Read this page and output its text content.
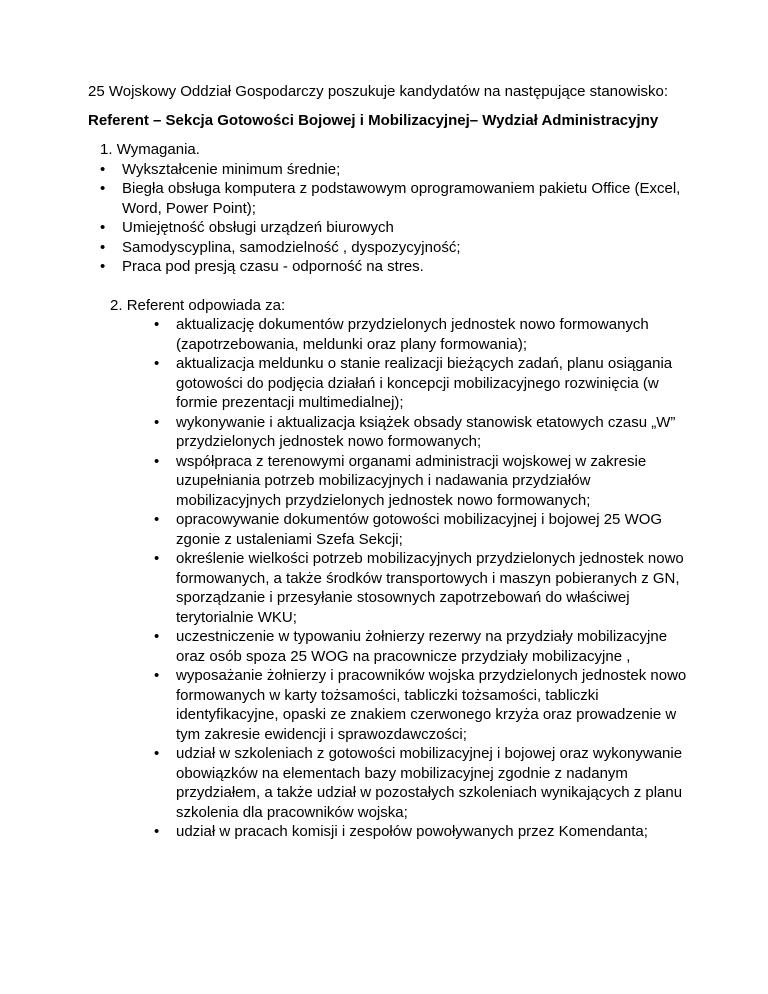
25 Wojskowy Oddział Gospodarczy poszukuje kandydatów na następujące stanowisko:

Referent – Sekcja Gotowości Bojowej i Mobilizacyjnej– Wydział Administracyjny

1. Wymagania.
• Wykształcenie minimum średnie;
• Biegła obsługa komputera z podstawowym oprogramowaniem pakietu Office (Excel, Word, Power Point);
• Umiejętność obsługi urządzeń biurowych
• Samodyscyplina, samodzielność , dyspozycyjność;
• Praca pod presją czasu - odporność na stres.
2. Referent odpowiada za:
• aktualizację dokumentów przydzielonych jednostek nowo formowanych (zapotrzebowania, meldunki oraz plany formowania);
• aktualizacja meldunku o stanie realizacji bieżących zadań, planu osiągania gotowości do podjęcia działań i koncepcji mobilizacyjnego rozwinięcia (w formie prezentacji multimedialnej);
• wykonywanie i aktualizacja książek obsady stanowisk etatowych czasu „W” przydzielonych jednostek nowo formowanych;
• współpraca z terenowymi organami administracji wojskowej w zakresie uzupełniania potrzeb mobilizacyjnych i nadawania przydziałów mobilizacyjnych przydzielonych jednostek nowo formowanych;
• opracowywanie dokumentów gotowości mobilizacyjnej i bojowej 25 WOG zgonie z ustaleniami Szefa Sekcji;
• określenie wielkości potrzeb mobilizacyjnych przydzielonych jednostek nowo formowanych, a także środków transportowych i maszyn pobieranych z GN, sporządzanie i przesyłanie stosownych zapotrzebowań do właściwej terytorialnie WKU;
• uczestniczenie w typowaniu żołnierzy rezerwy na przydziały mobilizacyjne oraz osób spoza 25 WOG na pracownicze przydziały mobilizacyjne ,
• wyposażanie żołnierzy i pracowników wojska przydzielonych jednostek nowo formowanych w karty tożsamości, tabliczki tożsamości, tabliczki identyfikacyjne, opaski ze znakiem czerwonego krzyża oraz prowadzenie w tym zakresie ewidencji i sprawozdawczości;
• udział w szkoleniach z gotowości mobilizacyjnej i bojowej oraz wykonywanie obowiązków na elementach bazy mobilizacyjnej zgodnie z nadanym przydziałem, a także udział w pozostałych szkoleniach wynikających z planu szkolenia dla pracowników wojska;
• udział w pracach komisji i zespołów powoływanych przez Komendanta;
